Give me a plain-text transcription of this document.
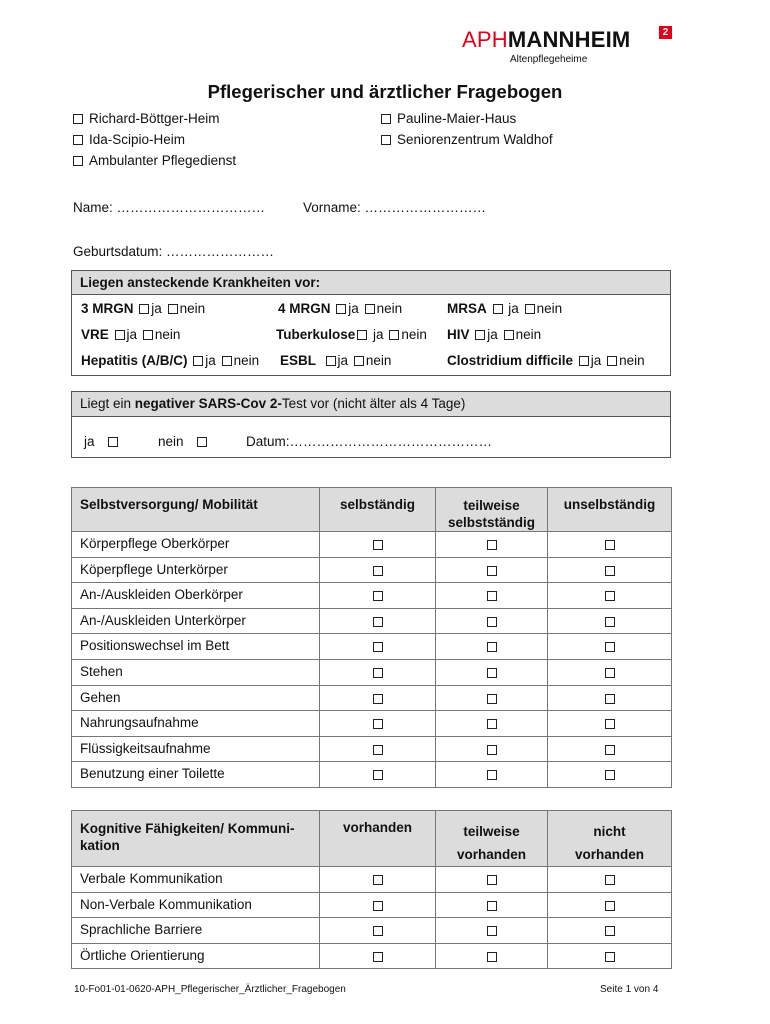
APHMANNHEIM	2
Altenpflegeheime
Pflegerischer und ärztlicher Fragebogen
Richard-Böttger-Heim
Ida-Scipio-Heim
Ambulanter Pflegedienst
Pauline-Maier-Haus
Seniorenzentrum Waldhof
Name: ……………………………	Vorname: ………………………
Geburtsdatum: ……………………
Liegen ansteckende Krankheiten vor:
3 MRGN ja nein	4 MRGN ja nein	MRSA ja nein
VRE ja nein	Tuberkulose ja nein HIV ja nein
Hepatitis (A/B/C) ja nein ESBL ja nein	Clostridium difficile ja nein
Liegt ein negativer SARS-Cov 2-Test vor (nicht älter als 4 Tage)
ja	nein	Datum:………………………………………
Selbstversorgung/ Mobilität	selbständig	teilweise selbstständig	unselbständig
Körperpflege Oberkörper			
Köperpflege Unterkörper			
An-/Auskleiden Oberkörper			
An-/Auskleiden Unterkörper			
Positionswechsel im Bett			
Stehen			
Gehen			
Nahrungsaufnahme			
Flüssigkeitsaufnahme			
Benutzung einer Toilette			
Kognitive Fähigkeiten/ Kommuni-kation	vorhanden	teilweise vorhanden	nicht vorhanden
Verbale Kommunikation			
Non-Verbale Kommunikation			
Sprachliche Barriere			
Örtliche Orientierung			
10-Fo01-01-0620-APH_Pflegerischer_Ärztlicher_Fragebogen	Seite 1 von 4
